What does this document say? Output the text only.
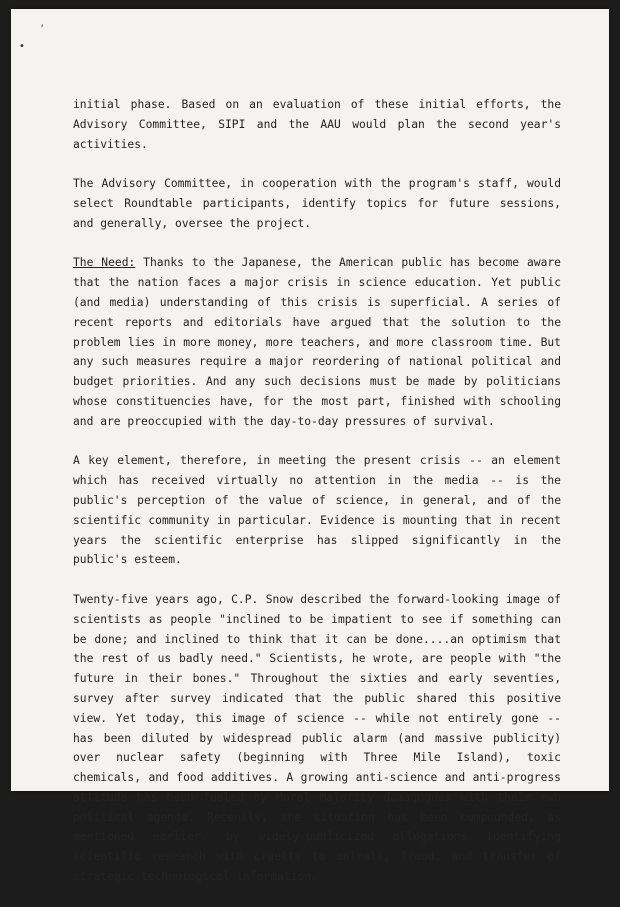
´
•

initial phase. Based on an evaluation of these initial efforts, the Advisory Committee, SIPI and the AAU would plan the second year's activities.

The Advisory Committee, in cooperation with the program's staff, would select Roundtable participants, identify topics for future sessions, and generally, oversee the project.

The Need: Thanks to the Japanese, the American public has become aware that the nation faces a major crisis in science education. Yet public (and media) understanding of this crisis is superficial. A series of recent reports and editorials have argued that the solution to the problem lies in more money, more teachers, and more classroom time. But any such measures require a major reordering of national political and budget priorities. And any such decisions must be made by politicians whose constituencies have, for the most part, finished with schooling and are preoccupied with the day-to-day pressures of survival.

A key element, therefore, in meeting the present crisis -- an element which has received virtually no attention in the media -- is the public's perception of the value of science, in general, and of the scientific community in particular. Evidence is mounting that in recent years the scientific enterprise has slipped significantly in the public's esteem.

Twenty-five years ago, C.P. Snow described the forward-looking image of scientists as people "inclined to be impatient to see if something can be done; and inclined to think that it can be done....an optimism that the rest of us badly need." Scientists, he wrote, are people with "the future in their bones." Throughout the sixties and early seventies, survey after survey indicated that the public shared this positive view. Yet today, this image of science -- while not entirely gone -- has been diluted by widespread public alarm (and massive publicity) over nuclear safety (beginning with Three Mile Island), toxic chemicals, and food additives. A growing anti-science and anti-progress attitude has been fueled by Moral Majority demagogues with their own political agenda. Recently, the situation has been compounded, as mentioned earlier, by widely-publicized allegations identifying scientific research with cruelty to animals, fraud, and transfer of strategic technological information.
